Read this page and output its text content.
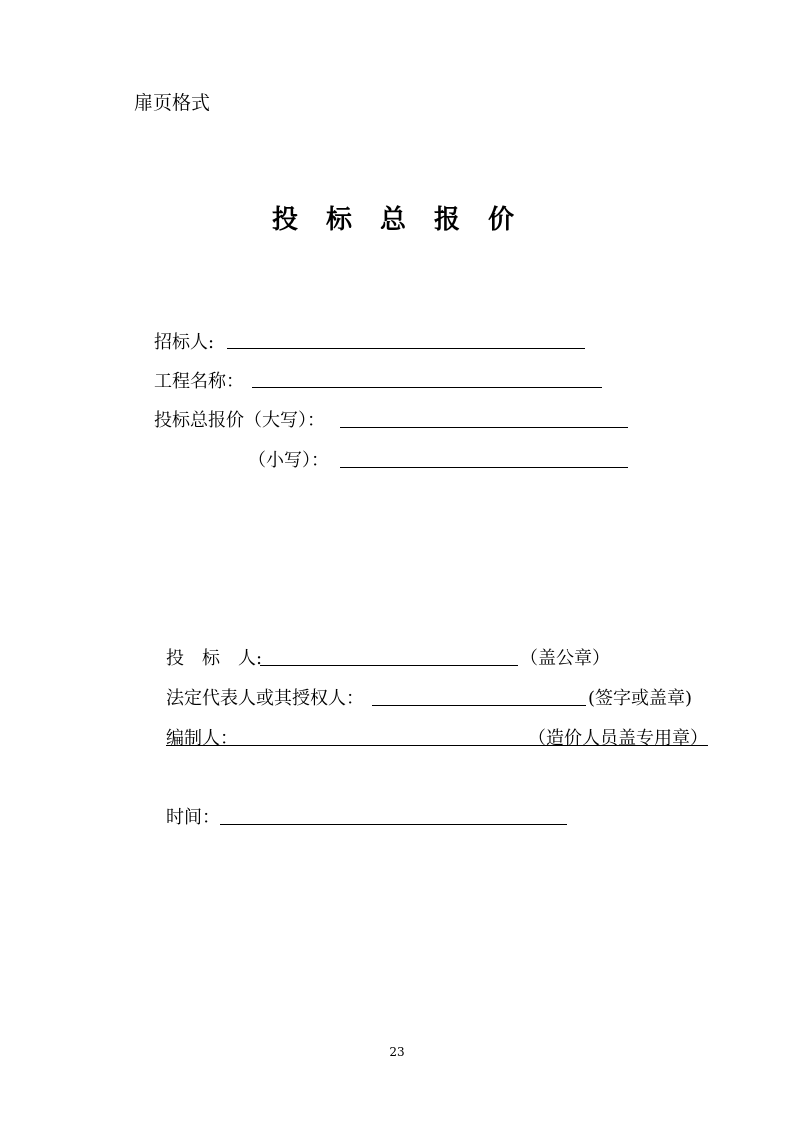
扉页格式
投标总报价
招标人:
工程名称：
投标总报价（大写）：
（小写）：
投　标　人:	（盖公章）
法定代表人或其授权人：	(签字或盖章)
编制人：	（造价人员盖专用章）
时间：
23
